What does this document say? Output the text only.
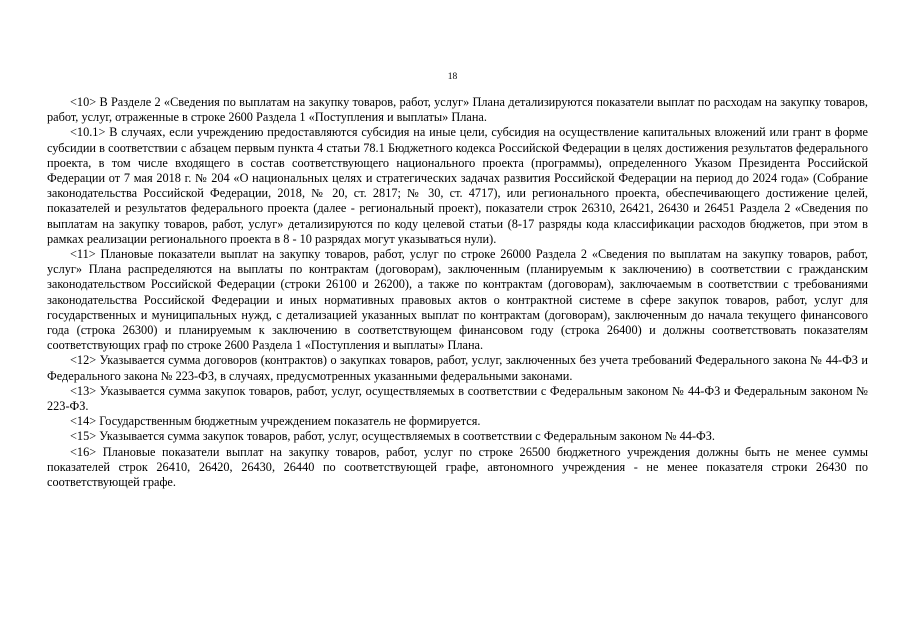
18

<10> В Разделе 2 «Сведения по выплатам на закупку товаров, работ, услуг» Плана детализируются показатели выплат по расходам на закупку товаров, работ, услуг, отраженные в строке 2600 Раздела 1 «Поступления и выплаты» Плана.

<10.1> В случаях, если учреждению предоставляются субсидия на иные цели, субсидия на осуществление капитальных вложений или грант в форме субсидии в соответствии с абзацем первым пункта 4 статьи 78.1 Бюджетного кодекса Российской Федерации в целях достижения результатов федерального проекта, в том числе входящего в состав соответствующего национального проекта (программы), определенного Указом Президента Российской Федерации от 7 мая 2018 г. № 204 «О национальных целях и стратегических задачах развития Российской Федерации на период до 2024 года» (Собрание законодательства Российской Федерации, 2018, № 20, ст. 2817; № 30, ст. 4717), или регионального проекта, обеспечивающего достижение целей, показателей и результатов федерального проекта (далее - региональный проект), показатели строк 26310, 26421, 26430 и 26451 Раздела 2 «Сведения по выплатам на закупку товаров, работ, услуг» детализируются по коду целевой статьи (8-17 разряды кода классификации расходов бюджетов, при этом в рамках реализации регионального проекта в 8 - 10 разрядах могут указываться нули).

<11> Плановые показатели выплат на закупку товаров, работ, услуг по строке 26000 Раздела 2 «Сведения по выплатам на закупку товаров, работ, услуг» Плана распределяются на выплаты по контрактам (договорам), заключенным (планируемым к заключению) в соответствии с гражданским законодательством Российской Федерации (строки 26100 и 26200), а также по контрактам (договорам), заключаемым в соответствии с требованиями законодательства Российской Федерации и иных нормативных правовых актов о контрактной системе в сфере закупок товаров, работ, услуг для государственных и муниципальных нужд, с детализацией указанных выплат по контрактам (договорам), заключенным до начала текущего финансового года (строка 26300) и планируемым к заключению в соответствующем финансовом году (строка 26400) и должны соответствовать показателям соответствующих граф по строке 2600 Раздела 1 «Поступления и выплаты» Плана.

<12> Указывается сумма договоров (контрактов) о закупках товаров, работ, услуг, заключенных без учета требований Федерального закона № 44-ФЗ и Федерального закона № 223-ФЗ, в случаях, предусмотренных указанными федеральными законами.

<13> Указывается сумма закупок товаров, работ, услуг, осуществляемых в соответствии с Федеральным законом № 44-ФЗ и Федеральным законом № 223-ФЗ.

<14> Государственным бюджетным учреждением показатель не формируется.

<15> Указывается сумма закупок товаров, работ, услуг, осуществляемых в соответствии с Федеральным законом № 44-ФЗ.

<16> Плановые показатели выплат на закупку товаров, работ, услуг по строке 26500 бюджетного учреждения должны быть не менее суммы показателей строк 26410, 26420, 26430, 26440 по соответствующей графе, автономного учреждения - не менее показателя строки 26430 по соответствующей графе.
